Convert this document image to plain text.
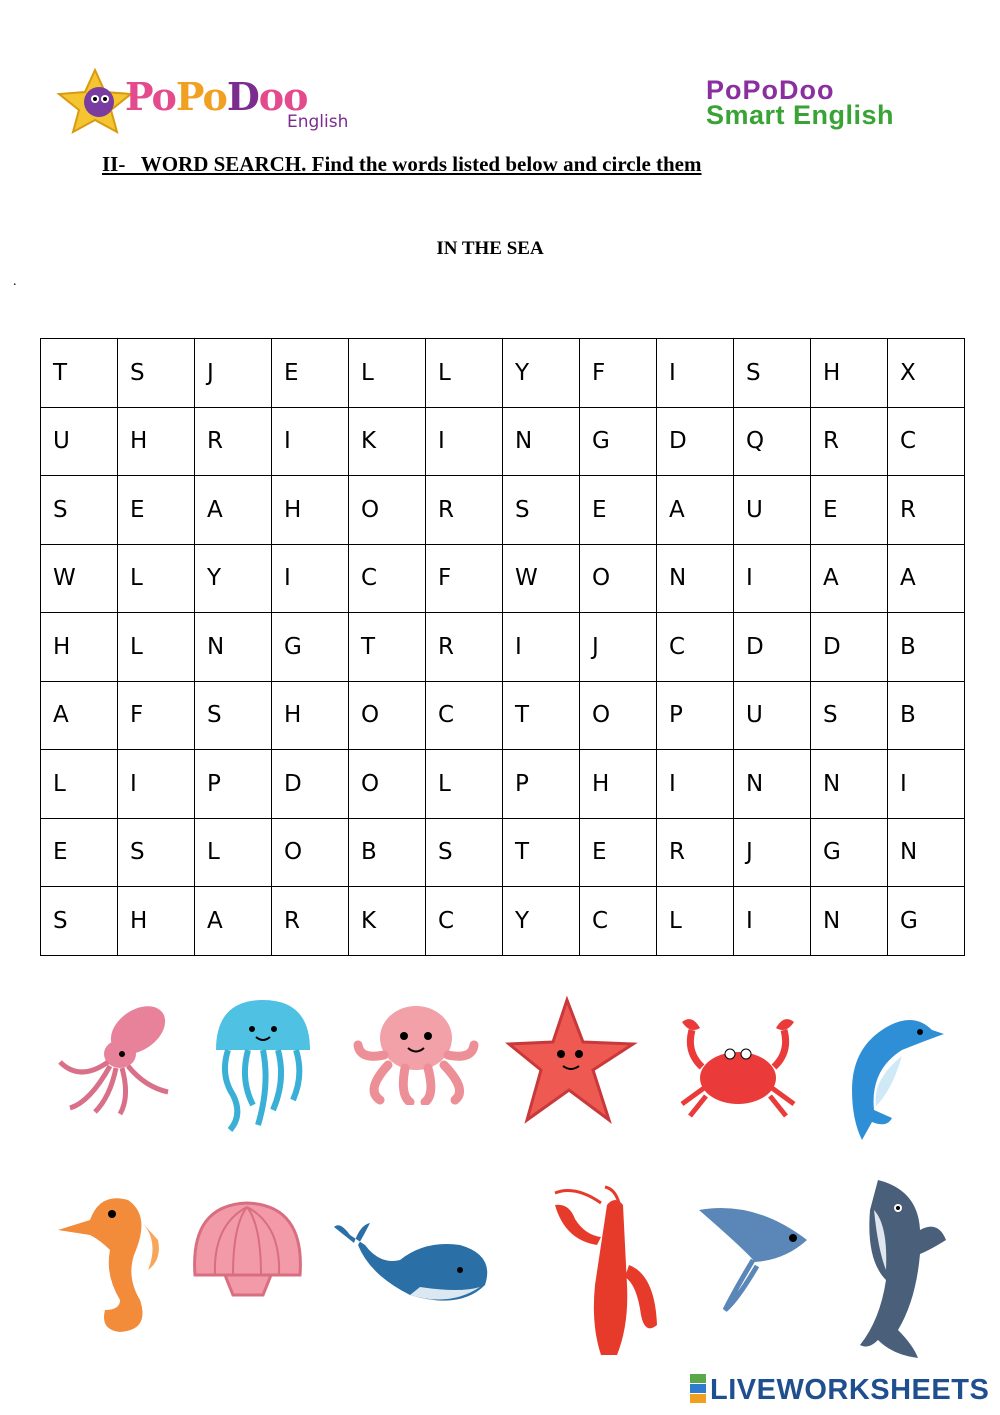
PoPoDoo
English
PoPoDoo
Smart English
II-   WORD SEARCH. Find the words listed below and circle them
IN THE SEA
.
T	S	J	E	L	L	Y	F	I	S	H	X
U	H	R	I	K	I	N	G	D	Q	R	C
S	E	A	H	O	R	S	E	A	U	E	R
W	L	Y	I	C	F	W	O	N	I	A	A
H	L	N	G	T	R	I	J	C	D	D	B
A	F	S	H	O	C	T	O	P	U	S	B
L	I	P	D	O	L	P	H	I	N	N	I
E	S	L	O	B	S	T	E	R	J	G	N
S	H	A	R	K	C	Y	C	L	I	N	G
LIVEWORKSHEETS
